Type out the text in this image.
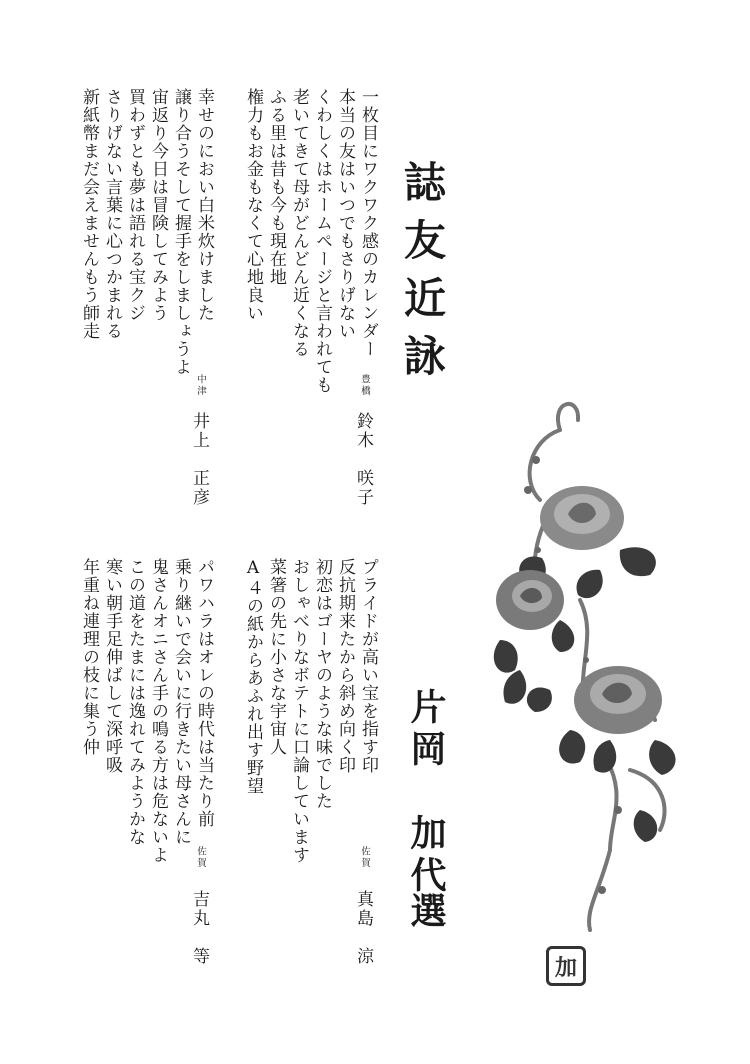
誌友近詠
片岡　加代
選
一枚目にワクワク感のカレンダー
本当の友はいつでもさりげない
くわしくはホームページと言われても
老いてきて母がどんどん近くなる
ふる里は昔も今も現在地
権力もお金もなくて心地良い
豊橋
鈴木　咲子
幸せのにおい白米炊けました
譲り合うそして握手をしましょうよ
宙返り今日は冒険してみよう
買わずとも夢は語れる宝クジ
さりげない言葉に心つかまれる
新紙幣まだ会えませんもう師走
中津
井上　正彦
プライドが高い宝を指す印
反抗期来たから斜め向く印
初恋はゴーヤのような味でした
おしゃべりなボテトに口論しています
菜箸の先に小さな宇宙人
A４の紙からあふれ出す野望
佐賀
真島　涼
パワハラはオレの時代は当たり前
乗り継いで会いに行きたい母さんに
鬼さんオニさん手の鳴る方は危ないよ
この道をたまには逸れてみようかな
寒い朝手足伸ばして深呼吸
年重ね連理の枝に集う仲
佐賀
吉丸　等
加
